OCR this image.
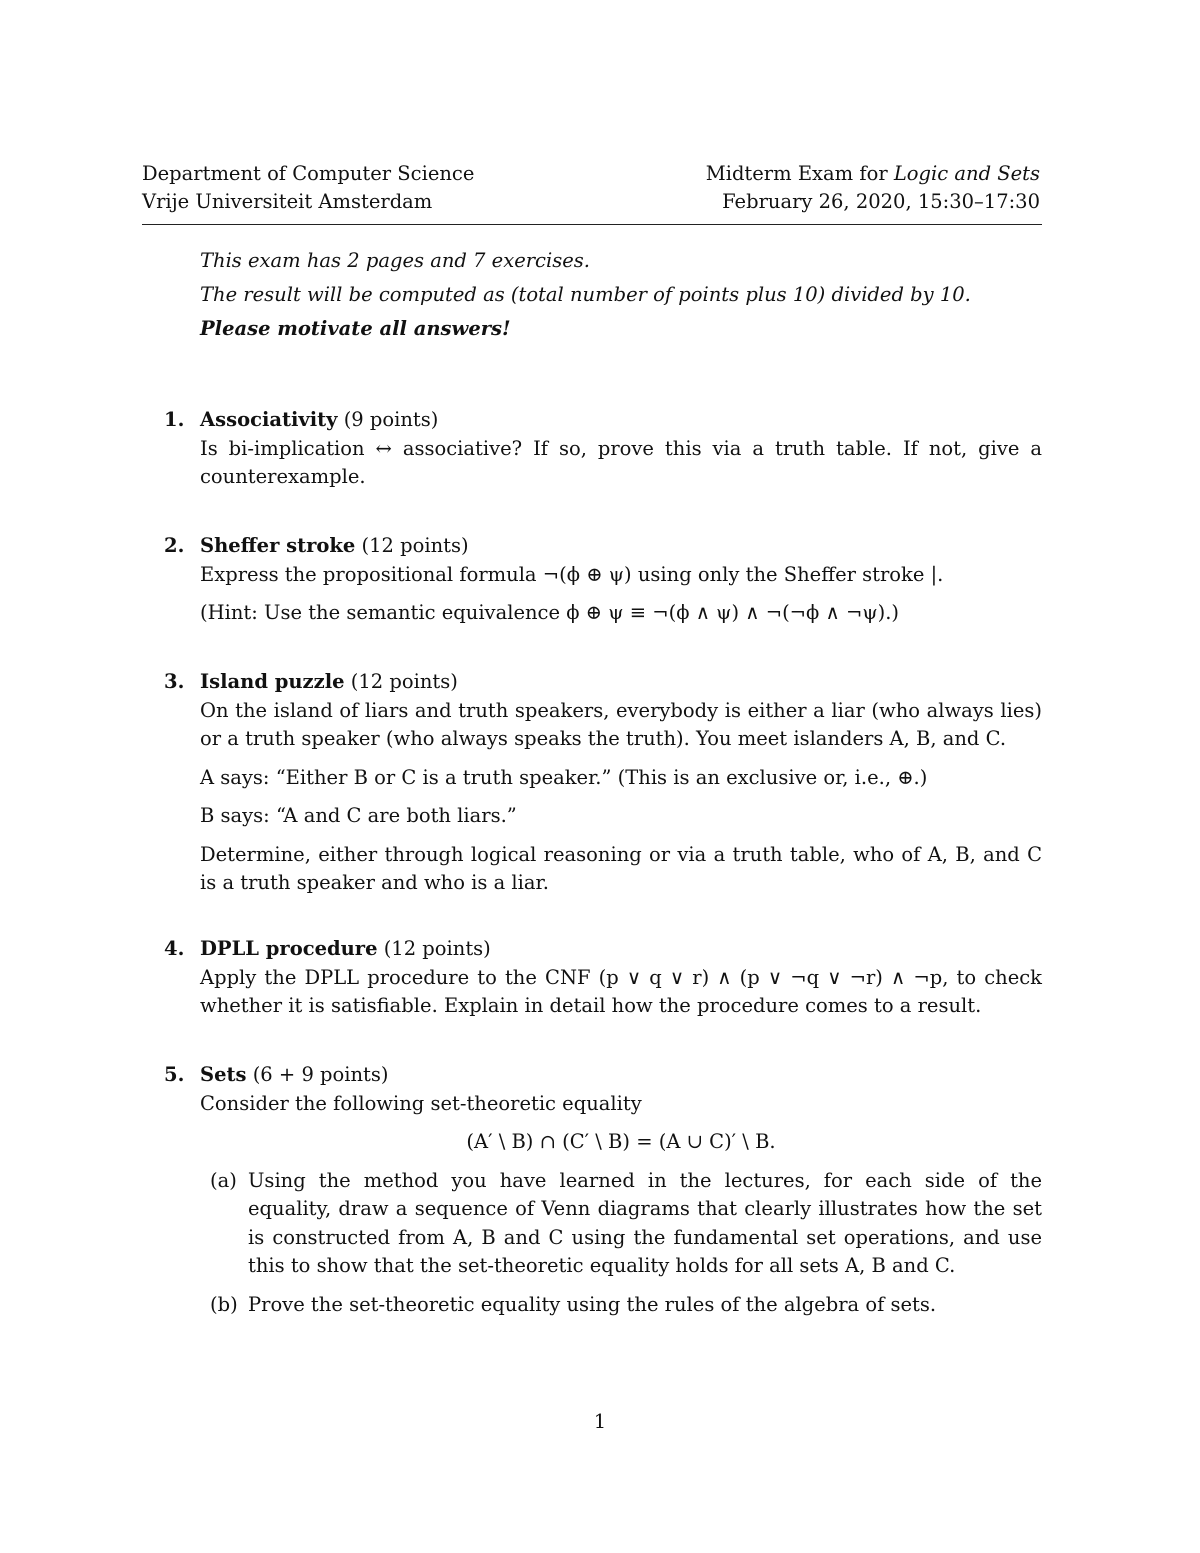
Department of Computer Science
Vrije Universiteit Amsterdam
Midterm Exam for Logic and Sets
February 26, 2020, 15:30–17:30
This exam has 2 pages and 7 exercises.
The result will be computed as (total number of points plus 10) divided by 10.
Please motivate all answers!
1. Associativity (9 points)
Is bi-implication ↔ associative? If so, prove this via a truth table. If not, give a counterexample.
2. Sheffer stroke (12 points)
Express the propositional formula ¬(ϕ ⊕ ψ) using only the Sheffer stroke |.
(Hint: Use the semantic equivalence ϕ ⊕ ψ ≡ ¬(ϕ ∧ ψ) ∧ ¬(¬ϕ ∧ ¬ψ).)
3. Island puzzle (12 points)
On the island of liars and truth speakers, everybody is either a liar (who always lies) or a truth speaker (who always speaks the truth). You meet islanders A, B, and C.
A says: “Either B or C is a truth speaker.” (This is an exclusive or, i.e., ⊕.)
B says: “A and C are both liars.”
Determine, either through logical reasoning or via a truth table, who of A, B, and C is a truth speaker and who is a liar.
4. DPLL procedure (12 points)
Apply the DPLL procedure to the CNF (p ∨ q ∨ r) ∧ (p ∨ ¬q ∨ ¬r) ∧ ¬p, to check whether it is satisfiable. Explain in detail how the procedure comes to a result.
5. Sets (6 + 9 points)
Consider the following set-theoretic equality
(A′ \ B) ∩ (C′ \ B) = (A ∪ C)′ \ B.
(a) Using the method you have learned in the lectures, for each side of the equality, draw a sequence of Venn diagrams that clearly illustrates how the set is constructed from A, B and C using the fundamental set operations, and use this to show that the set-theoretic equality holds for all sets A, B and C.
(b) Prove the set-theoretic equality using the rules of the algebra of sets.
1
